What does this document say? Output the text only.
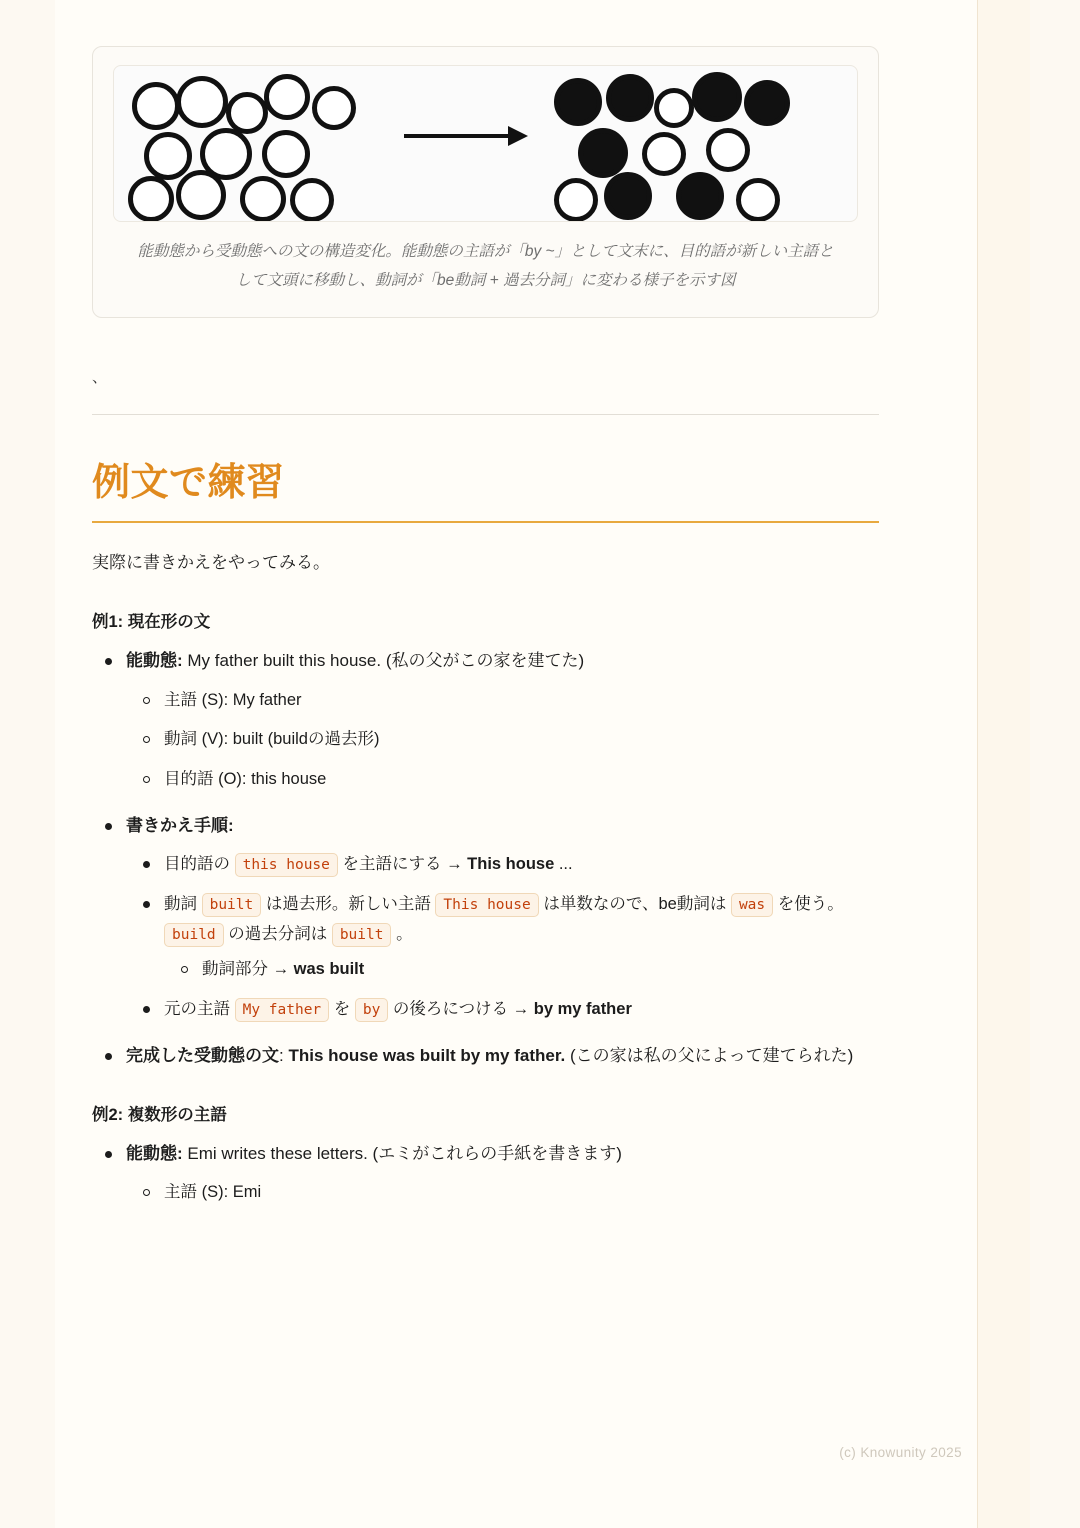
能動態から受動態への文の構造変化。能動態の主語が「by ~」として文末に、目的語が新しい主語として文頭に移動し、動詞が「be動詞 + 過去分詞」に変わる様子を示す図
、
例文で練習

実際に書きかえをやってみる。

例1: 現在形の文
能動態: My father built this house. (私の父がこの家を建てた)
主語 (S): My father
動詞 (V): built (buildの過去形)
目的語 (O): this house
書きかえ手順:
目的語の this house を主語にする → This house ...
動詞 built は過去形。新しい主語 This house は単数なので、be動詞は was を使う。build の過去分詞は built 。
動詞部分 → was built
元の主語 My father を by の後ろにつける → by my father
完成した受動態の文: This house was built by my father. (この家は私の父によって建てられた)
例2: 複数形の主語
能動態: Emi writes these letters. (エミがこれらの手紙を書きます)
主語 (S): Emi
(c) Knowunity 2025
